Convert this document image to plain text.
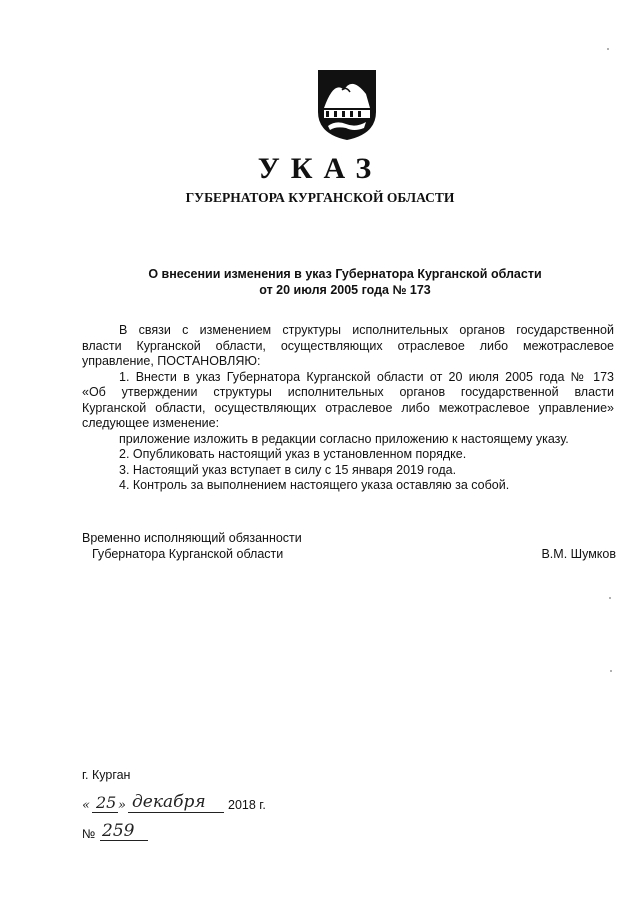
УКАЗ
ГУБЕРНАТОРА КУРГАНСКОЙ ОБЛАСТИ
О внесении изменения в указ Губернатора Курганской области
от 20 июля 2005 года № 173

В связи с изменением структуры исполнительных органов государственной

власти Курганской области, осуществляющих отраслевое либо межотраслевое

управление, ПОСТАНОВЛЯЮ:

1. Внести в указ Губернатора Курганской области от 20 июля 2005 года № 173

«Об утверждении структуры исполнительных органов государственной власти

Курганской области, осуществляющих отраслевое либо межотраслевое управление»

следующее изменение:

приложение изложить в редакции согласно приложению к настоящему указу.

2. Опубликовать настоящий указ в установленном порядке.

3. Настоящий указ вступает в силу с 15 января 2019 года.

4. Контроль за выполнением настоящего указа оставляю за собой.

Временно исполняющий обязанности
Губернатора Курганской области	В.М. Шумков
г. Курган
« 25 » декабря 2018 г.
№ 259
